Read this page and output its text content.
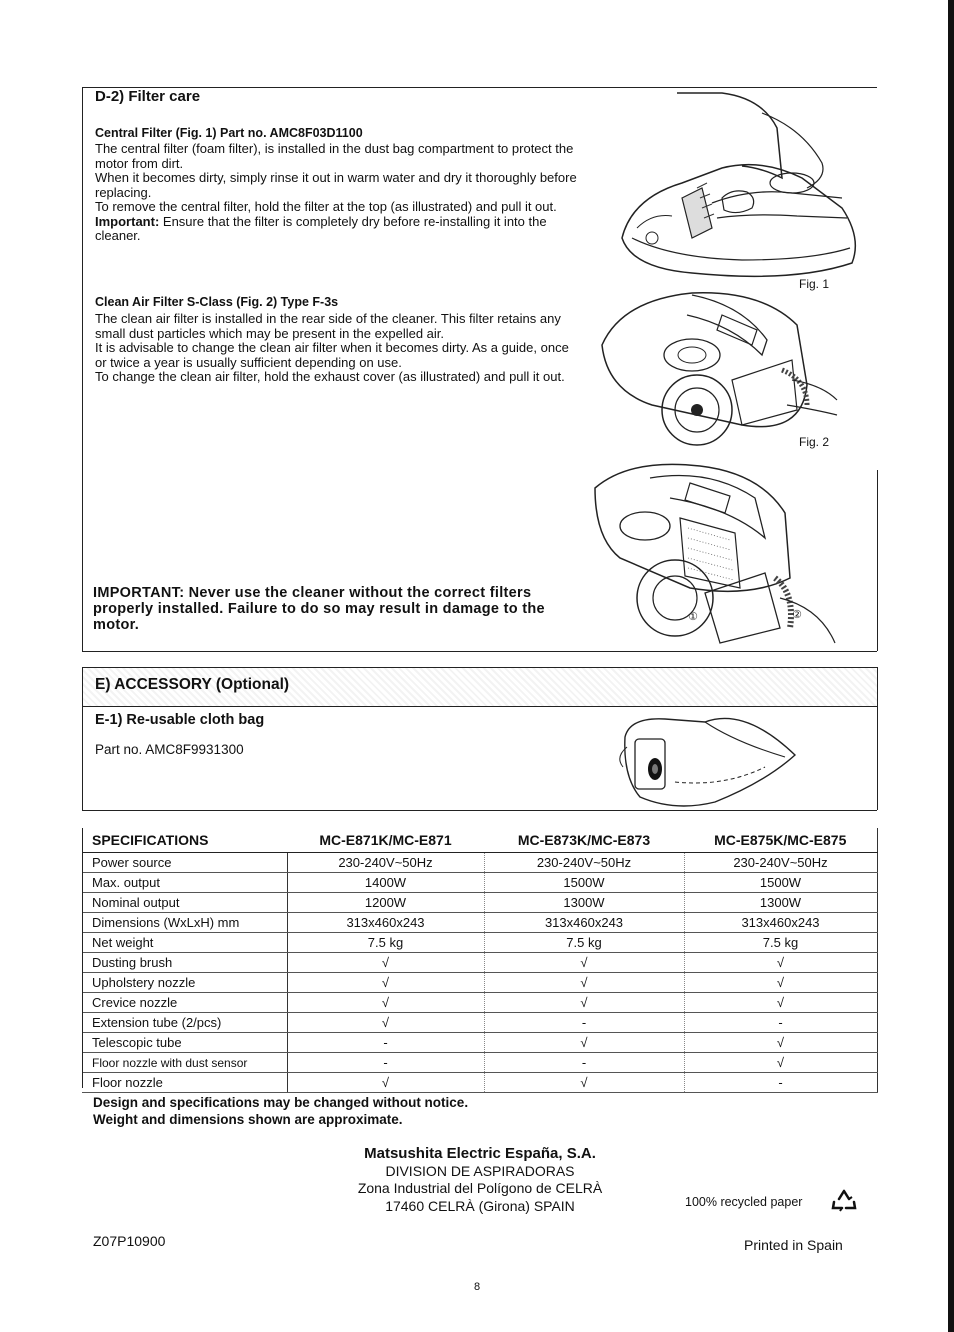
D-2) Filter care
Central Filter (Fig. 1) Part no. AMC8F03D1100

The central filter (foam filter), is installed in the dust bag compartment to protect the motor from dirt.

When it becomes dirty, simply rinse it out in warm water and dry it thoroughly before replacing.

To remove the central filter, hold the filter at the top (as illustrated) and pull it out.

Important: Ensure that the filter is completely dry before re-installing it into the cleaner.

Clean Air Filter S-Class (Fig. 2) Type F-3s

The clean air filter is installed in the rear side of the cleaner. This filter retains any small dust particles which may be present in the expelled air.

It is advisable to change the clean air filter when it becomes dirty. As a guide, once or twice a year is usually sufficient depending on use.

To change the clean air filter, hold the exhaust cover (as illustrated) and pull it out.

IMPORTANT: Never use the cleaner without the correct filters properly installed. Failure to do so may result in damage to the motor.
Fig. 1
Fig. 2
①	②
E) ACCESSORY (Optional)
E-1) Re-usable cloth bag
Part no. AMC8F9931300
SPECIFICATIONS	MC-E871K/MC-E871	MC-E873K/MC-E873	MC-E875K/MC-E875
Power source	230-240V~50Hz	230-240V~50Hz	230-240V~50Hz
Max. output	1400W	1500W	1500W
Nominal output	1200W	1300W	1300W
Dimensions (WxLxH) mm	313x460x243	313x460x243	313x460x243
Net weight	7.5 kg	7.5 kg	7.5 kg
Dusting brush	√	√	√
Upholstery nozzle	√	√	√
Crevice nozzle	√	√	√
Extension tube (2/pcs)	√	-	-
Telescopic tube	-	√	√
Floor nozzle with dust sensor	-	-	√
Floor nozzle	√	√	-
Design and specifications may be changed without notice.
Weight and dimensions shown are approximate.
Matsushita Electric España, S.A.
DIVISION DE ASPIRADORAS
Zona Industrial del Polígono de CELRÀ
17460 CELRÀ (Girona) SPAIN
Z07P10900
100% recycled paper
Printed in Spain
8
